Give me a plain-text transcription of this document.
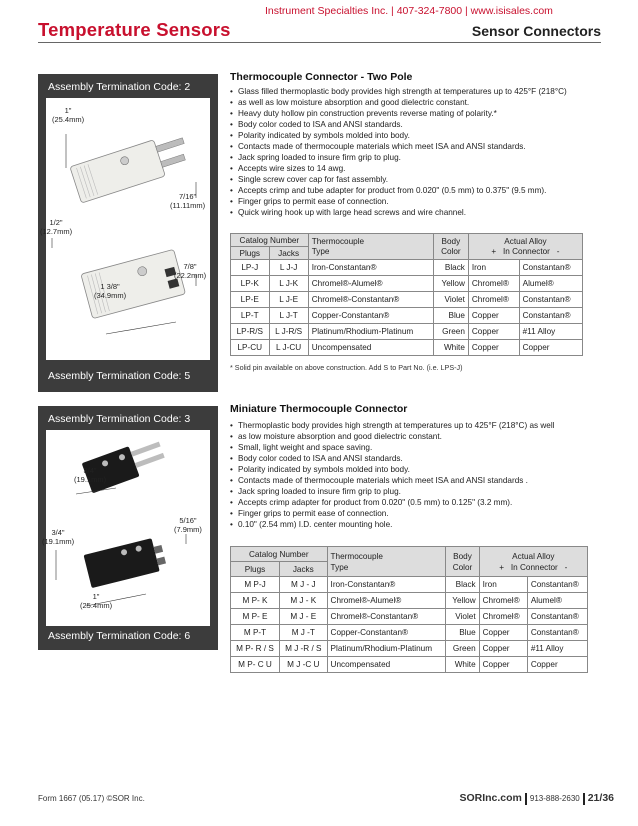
Instrument Specialties Inc. | 407-324-7800 | www.isisales.com
Temperature Sensors	Sensor Connectors
Assembly Termination Code: 2
1"
(25.4mm)
7/16"
(11.11mm)
1/2"
(12.7mm)
7/8"
(22.2mm)
1 3/8"
(34.9mm)
Assembly Termination Code: 5
Thermocouple Connector - Two Pole
• Glass filled thermoplastic body provides high strength at temperatures up to 425°F (218°C)
• as well as low moisture absorption and good dielectric constant.
• Heavy duty hollow pin construction prevents reverse mating of polarity.*
• Body color coded to ISA and ANSI standards.
• Polarity indicated by symbols molded into body.
• Contacts made of thermocouple materials which meet ISA and ANSI standards.
• Jack spring loaded to insure firm grip to plug.
• Accepts wire sizes to 14 awg.
• Single screw cover cap for fast assembly.
• Accepts crimp and tube adapter for product from 0.020" (0.5 mm) to 0.375" (9.5 mm).
• Finger grips to permit ease of connection.
• Quick wiring hook up with large head screws and wire channel.
Catalog Number		Thermocouple
Type	Body
Color	Actual Alloy
+   In Connector   -	
Plugs	Jacks				
LP-J	L J-J	Iron-Constantan®	Black	Iron	Constantan®
LP-K	L J-K	Chromel®-Alumel®	Yellow	Chromel®	Alumel®
LP-E	L J-E	Chromel®-Constantan®	Violet	Chromel®	Constantan®
LP-T	L J-T	Copper-Constantan®	Blue	Copper	Constantan®
LP-R/S	L J-R/S	Platinum/Rhodium-Platinum	Green	Copper	#11 Alloy
LP-CU	L J-CU	Uncompensated	White	Copper	Copper
* Solid pin available on above construction. Add S to Part No. (i.e. LPS-J)
Assembly Termination Code: 3
3/4"
(19.1mm)
5/16"
(7.9mm)
3/4"
(19.1mm)
1"
(25.4mm)
Assembly Termination Code: 6
Miniature Thermocouple Connector
• Thermoplastic body provides high strength at temperatures up to 425°F (218°C) as well
• as low moisture absorption and good dielectric constant.
• Small, light weight and space saving.
• Body color coded to ISA and ANSI standards.
• Polarity indicated by symbols molded into body.
• Contacts made of thermocouple materials which meet ISA and ANSI standards .
• Jack spring loaded to insure firm grip to plug.
• Accepts crimp adapter for product from 0.020" (0.5 mm) to 0.125" (3.2 mm).
• Finger grips to permit ease of connection.
• 0.10" (2.54 mm) I.D. center mounting hole.
Catalog Number		Thermocouple
Type	Body
Color	Actual Alloy
+   In Connector   -	
Plugs	Jacks				
M P-J	M J - J	Iron-Constantan®	Black	Iron	Constantan®
M P- K	M J - K	Chromel®-Alumel®	Yellow	Chromel®	Alumel®
M P- E	M J - E	Chromel®-Constantan®	Violet	Chromel®	Constantan®
M P-T	M J -T	Copper-Constantan®	Blue	Copper	Constantan®
M P- R / S	M J -R / S	Platinum/Rhodium-Platinum	Green	Copper	#11 Alloy
M P- C U	M J -C U	Uncompensated	White	Copper	Copper
Form 1667 (05.17) ©SOR Inc.	SORInc.com 913-888-2630 21/36
